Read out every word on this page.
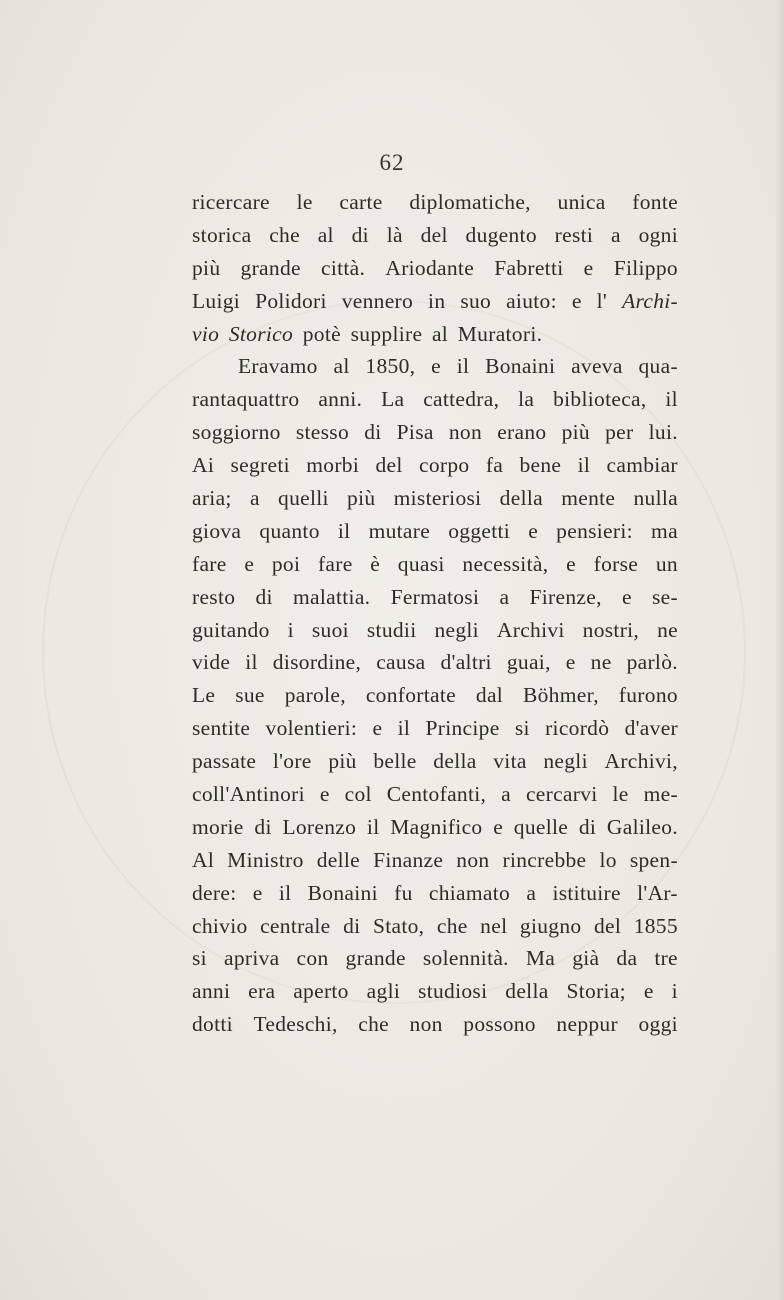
62
ricercare le carte diplomatiche, unica fonte
storica che al di là del dugento resti a ogni
più grande città. Ariodante Fabretti e Filippo
Luigi Polidori vennero in suo aiuto: e l' Archi-
vio Storico potè supplire al Muratori.
Eravamo al 1850, e il Bonaini aveva qua-
rantaquattro anni. La cattedra, la biblioteca, il
soggiorno stesso di Pisa non erano più per lui.
Ai segreti morbi del corpo fa bene il cambiar
aria; a quelli più misteriosi della mente nulla
giova quanto il mutare oggetti e pensieri: ma
fare e poi fare è quasi necessità, e forse un
resto di malattia. Fermatosi a Firenze, e se-
guitando i suoi studii negli Archivi nostri, ne
vide il disordine, causa d'altri guai, e ne parlò.
Le sue parole, confortate dal Böhmer, furono
sentite volentieri: e il Principe si ricordò d'aver
passate l'ore più belle della vita negli Archivi,
coll'Antinori e col Centofanti, a cercarvi le me-
morie di Lorenzo il Magnifico e quelle di Galileo.
Al Ministro delle Finanze non rincrebbe lo spen-
dere: e il Bonaini fu chiamato a istituire l'Ar-
chivio centrale di Stato, che nel giugno del 1855
si apriva con grande solennità. Ma già da tre
anni era aperto agli studiosi della Storia; e i
dotti Tedeschi, che non possono neppur oggi
